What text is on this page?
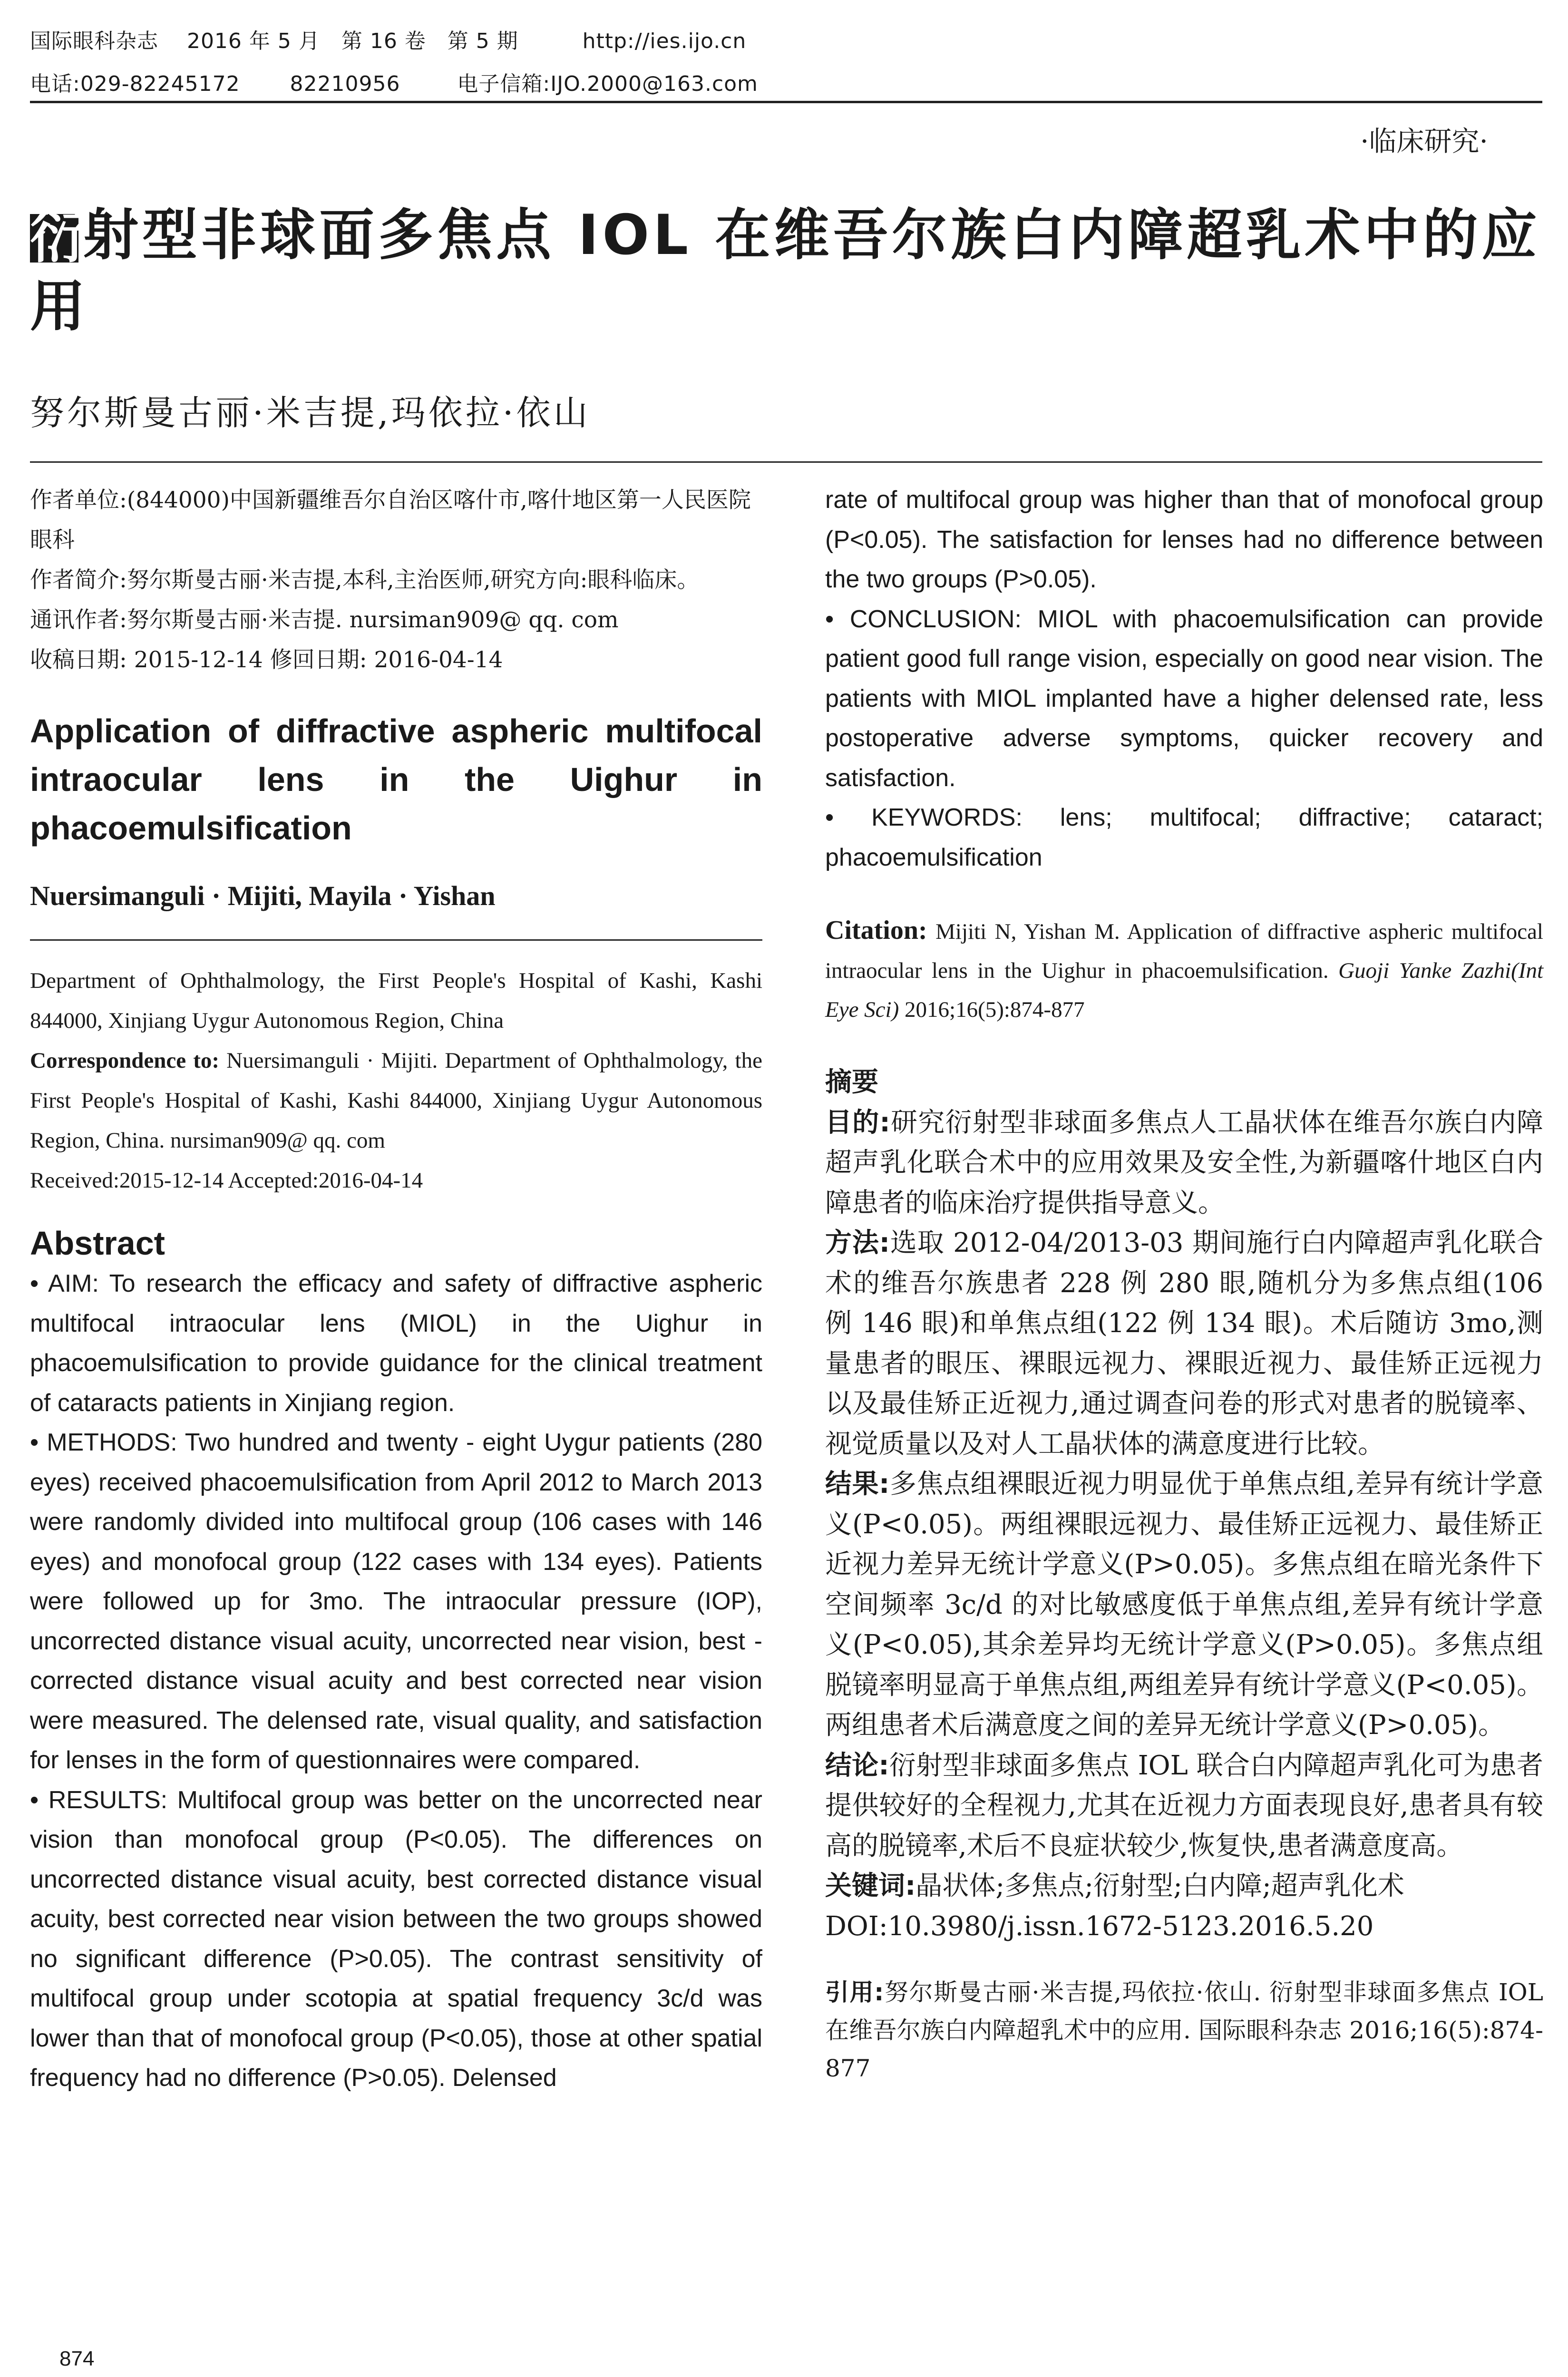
国际眼科杂志    2016 年 5 月   第 16 卷   第 5 期         http://ies.ijo.cn
电话:029-82245172       82210956        电子信箱:IJO.2000@163.com
·临床研究·
衍射型非球面多焦点 IOL 在维吾尔族白内障超乳术中的应用
努尔斯曼古丽·米吉提,玛依拉·依山

作者单位:(844000)中国新疆维吾尔自治区喀什市,喀什地区第一人民医院眼科

作者简介:努尔斯曼古丽·米吉提,本科,主治医师,研究方向:眼科临床。

通讯作者:努尔斯曼古丽·米吉提. nursiman909@ qq. com

收稿日期: 2015-12-14 修回日期: 2016-04-14

Application of diffractive aspheric multifocal intraocular lens in the Uighur in phacoemulsification

Nuersimanguli · Mijiti, Mayila · Yishan

Department of Ophthalmology, the First People's Hospital of Kashi, Kashi 844000, Xinjiang Uygur Autonomous Region, China

Correspondence to: Nuersimanguli · Mijiti. Department of Ophthalmology, the First People's Hospital of Kashi, Kashi 844000, Xinjiang Uygur Autonomous Region, China. nursiman909@ qq. com

Received:2015-12-14 Accepted:2016-04-14

Abstract

• AIM: To research the efficacy and safety of diffractive aspheric multifocal intraocular lens (MIOL) in the Uighur in phacoemulsification to provide guidance for the clinical treatment of cataracts patients in Xinjiang region.

• METHODS: Two hundred and twenty - eight Uygur patients (280 eyes) received phacoemulsification from April 2012 to March 2013 were randomly divided into multifocal group (106 cases with 146 eyes) and monofocal group (122 cases with 134 eyes). Patients were followed up for 3mo. The intraocular pressure (IOP), uncorrected distance visual acuity, uncorrected near vision, best - corrected distance visual acuity and best corrected near vision were measured. The delensed rate, visual quality, and satisfaction for lenses in the form of questionnaires were compared.

• RESULTS: Multifocal group was better on the uncorrected near vision than monofocal group (P<0.05). The differences on uncorrected distance visual acuity, best corrected distance visual acuity, best corrected near vision between the two groups showed no significant difference (P>0.05). The contrast sensitivity of multifocal group under scotopia at spatial frequency 3c/d was lower than that of monofocal group (P<0.05), those at other spatial frequency had no difference (P>0.05). Delensed

rate of multifocal group was higher than that of monofocal group (P<0.05). The satisfaction for lenses had no difference between the two groups (P>0.05).

• CONCLUSION: MIOL with phacoemulsification can provide patient good full range vision, especially on good near vision. The patients with MIOL implanted have a higher delensed rate, less postoperative adverse symptoms, quicker recovery and satisfaction.

• KEYWORDS: lens; multifocal; diffractive; cataract; phacoemulsification

Citation: Mijiti N, Yishan M. Application of diffractive aspheric multifocal intraocular lens in the Uighur in phacoemulsification. Guoji Yanke Zazhi(Int Eye Sci) 2016;16(5):874-877

摘要

目的:研究衍射型非球面多焦点人工晶状体在维吾尔族白内障超声乳化联合术中的应用效果及安全性,为新疆喀什地区白内障患者的临床治疗提供指导意义。

方法:选取 2012-04/2013-03 期间施行白内障超声乳化联合术的维吾尔族患者 228 例 280 眼,随机分为多焦点组(106 例 146 眼)和单焦点组(122 例 134 眼)。术后随访 3mo,测量患者的眼压、裸眼远视力、裸眼近视力、最佳矫正远视力以及最佳矫正近视力,通过调查问卷的形式对患者的脱镜率、视觉质量以及对人工晶状体的满意度进行比较。

结果:多焦点组裸眼近视力明显优于单焦点组,差异有统计学意义(P<0.05)。两组裸眼远视力、最佳矫正远视力、最佳矫正近视力差异无统计学意义(P>0.05)。多焦点组在暗光条件下空间频率 3c/d 的对比敏感度低于单焦点组,差异有统计学意义(P<0.05),其余差异均无统计学意义(P>0.05)。多焦点组脱镜率明显高于单焦点组,两组差异有统计学意义(P<0.05)。两组患者术后满意度之间的差异无统计学意义(P>0.05)。

结论:衍射型非球面多焦点 IOL 联合白内障超声乳化可为患者提供较好的全程视力,尤其在近视力方面表现良好,患者具有较高的脱镜率,术后不良症状较少,恢复快,患者满意度高。

关键词:晶状体;多焦点;衍射型;白内障;超声乳化术

DOI:10.3980/j.issn.1672-5123.2016.5.20

引用:努尔斯曼古丽·米吉提,玛依拉·依山. 衍射型非球面多焦点 IOL 在维吾尔族白内障超乳术中的应用. 国际眼科杂志 2016;16(5):874-877

874
